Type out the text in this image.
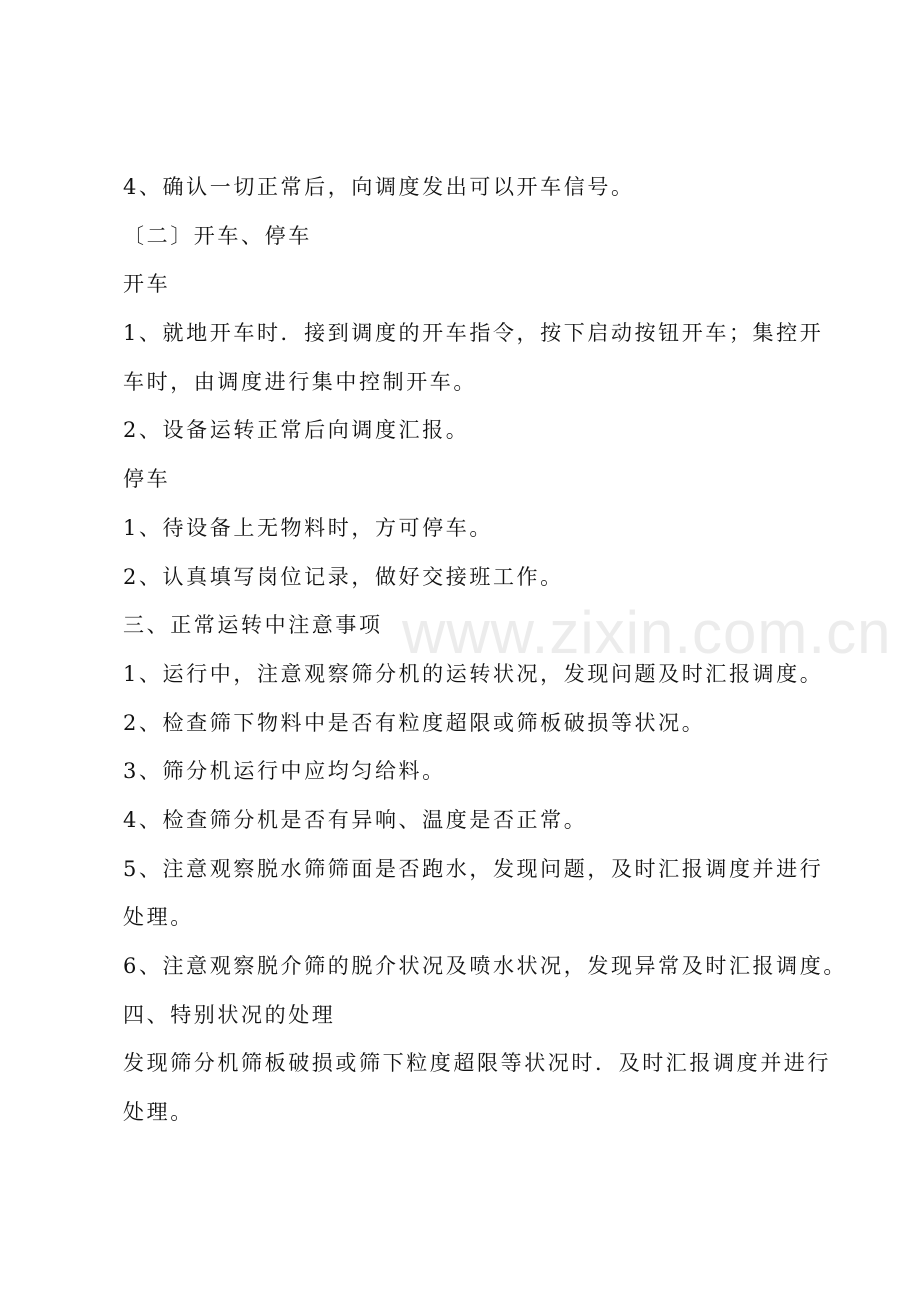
www.zixin.com.cn

4、确认一切正常后，向调度发出可以开车信号。

〔二〕开车、停车

开车

1、就地开车时．接到调度的开车指令，按下启动按钮开车；集控开

车时，由调度进行集中控制开车。

2、设备运转正常后向调度汇报。

停车

1、待设备上无物料时，方可停车。

2、认真填写岗位记录，做好交接班工作。

三、正常运转中注意事项

1、运行中，注意观察筛分机的运转状况，发现问题及时汇报调度。

2、检查筛下物料中是否有粒度超限或筛板破损等状况。

3、筛分机运行中应均匀给料。

4、检查筛分机是否有异响、温度是否正常。

5、注意观察脱水筛筛面是否跑水，发现问题，及时汇报调度并进行

处理。

6、注意观察脱介筛的脱介状况及喷水状况，发现异常及时汇报调度。

四、特别状况的处理

发现筛分机筛板破损或筛下粒度超限等状况时．及时汇报调度并进行

处理。
